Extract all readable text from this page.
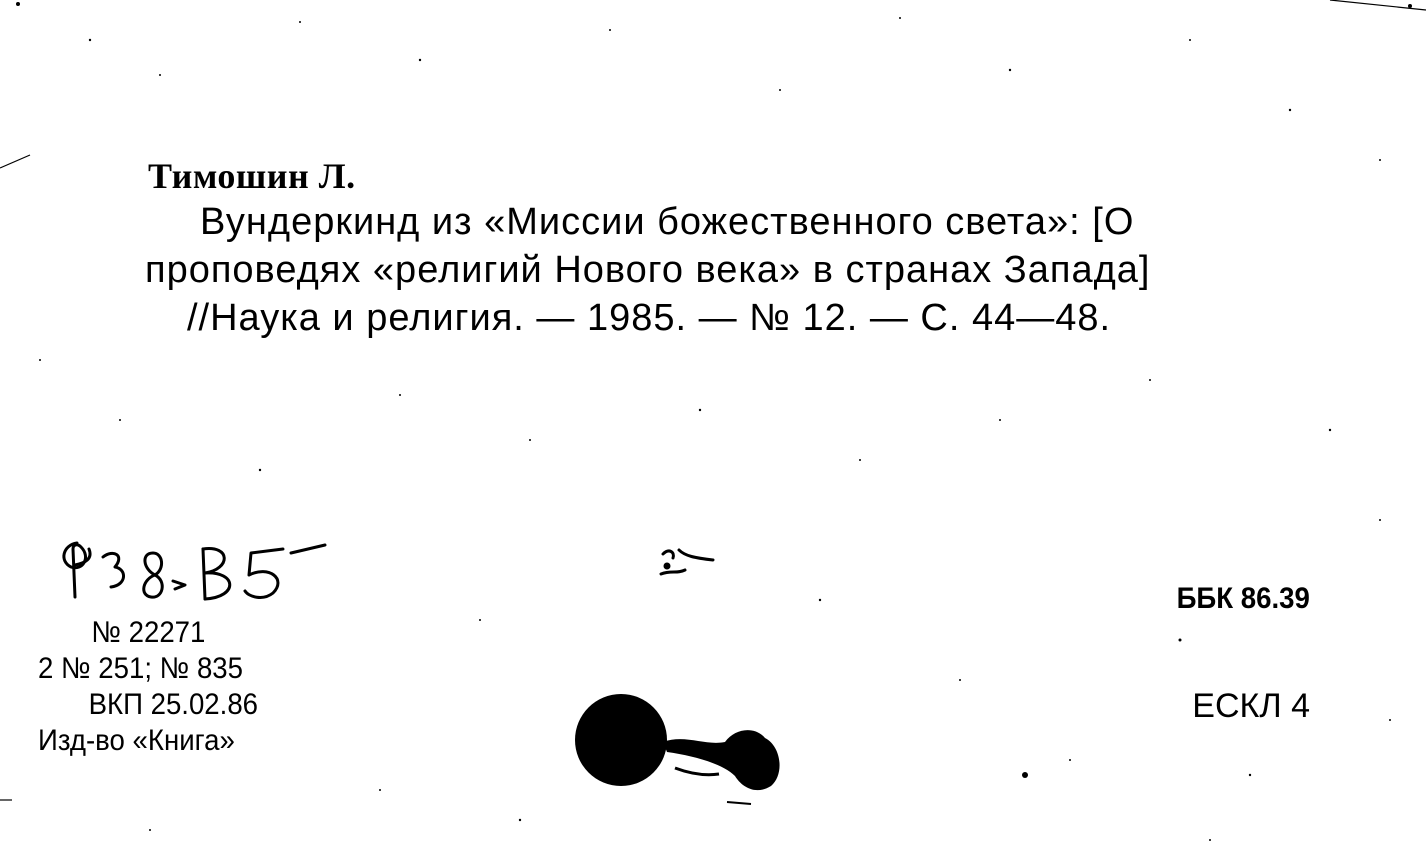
Тимошин Л.
Вундеркинд из «Миссии божественного света»: [О
проповедях «религий Нового века» в странах Запада]
//Наука и религия. — 1985. — № 12. — С. 44—48.
№ 22271
2 № 251; № 835
ВКП 25.02.86
Изд-во «Книга»
ББК 86.39
ЕСКЛ 4
